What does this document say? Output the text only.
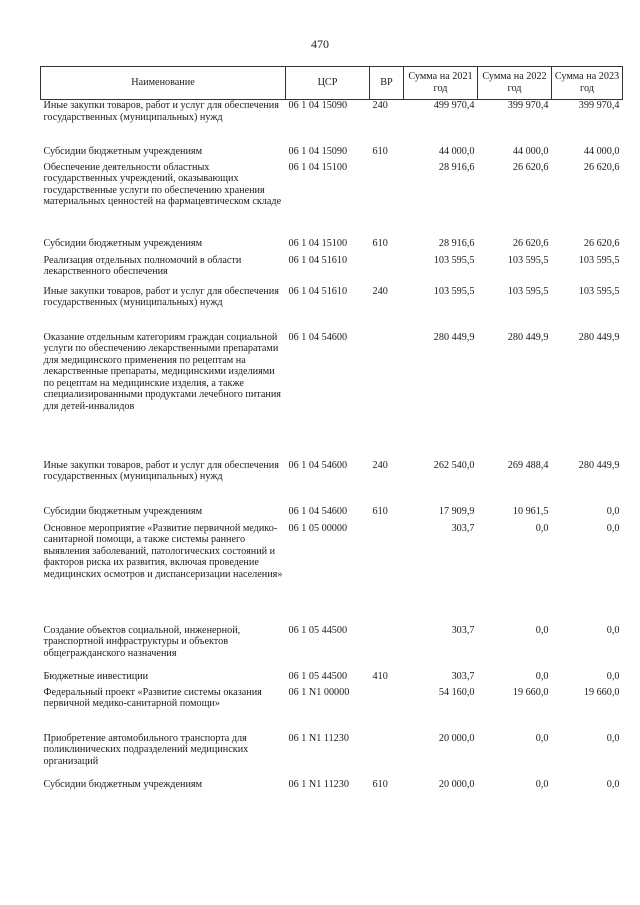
470
Наименование	ЦСР	ВР	Сумма на 2021 год	Сумма на 2022 год	Сумма на 2023 год
Иные закупки товаров, работ и услуг для обеспечения государственных (муниципальных) нужд	06 1 04 15090	240	499 970,4	399 970,4	399 970,4
Субсидии бюджетным учреждениям	06 1 04 15090	610	44 000,0	44 000,0	44 000,0
Обеспечение деятельности областных государственных учреждений, оказывающих государственные услуги по обеспечению хранения материальных ценностей на фармацевтическом складе	06 1 04 15100		28 916,6	26 620,6	26 620,6
Субсидии бюджетным учреждениям	06 1 04 15100	610	28 916,6	26 620,6	26 620,6
Реализация отдельных полномочий в области лекарственного обеспечения	06 1 04 51610		103 595,5	103 595,5	103 595,5
Иные закупки товаров, работ и услуг для обеспечения государственных (муниципальных) нужд	06 1 04 51610	240	103 595,5	103 595,5	103 595,5
Оказание отдельным категориям граждан социальной услуги по обеспечению лекарственными препаратами для медицинского применения по рецептам на лекарственные препараты, медицинскими изделиями по рецептам на медицинские изделия, а также специализированными продуктами лечебного питания для детей-инвалидов	06 1 04 54600		280 449,9	280 449,9	280 449,9
Иные закупки товаров, работ и услуг для обеспечения государственных (муниципальных) нужд	06 1 04 54600	240	262 540,0	269 488,4	280 449,9
Субсидии бюджетным учреждениям	06 1 04 54600	610	17 909,9	10 961,5	0,0
Основное мероприятие «Развитие первичной медико-санитарной помощи, а также системы раннего выявления заболеваний, патологических состояний и факторов риска их развития, включая проведение медицинских осмотров и диспансеризации населения»	06 1 05 00000		303,7	0,0	0,0
Создание объектов социальной, инженерной, транспортной инфраструктуры и объектов общегражданского назначения	06 1 05 44500		303,7	0,0	0,0
Бюджетные инвестиции	06 1 05 44500	410	303,7	0,0	0,0
Федеральный проект «Развитие системы оказания первичной медико-санитарной помощи»	06 1 N1 00000		54 160,0	19 660,0	19 660,0
Приобретение автомобильного транспорта для поликлинических подразделений медицинских организаций	06 1 N1 11230		20 000,0	0,0	0,0
Субсидии бюджетным учреждениям	06 1 N1 11230	610	20 000,0	0,0	0,0
